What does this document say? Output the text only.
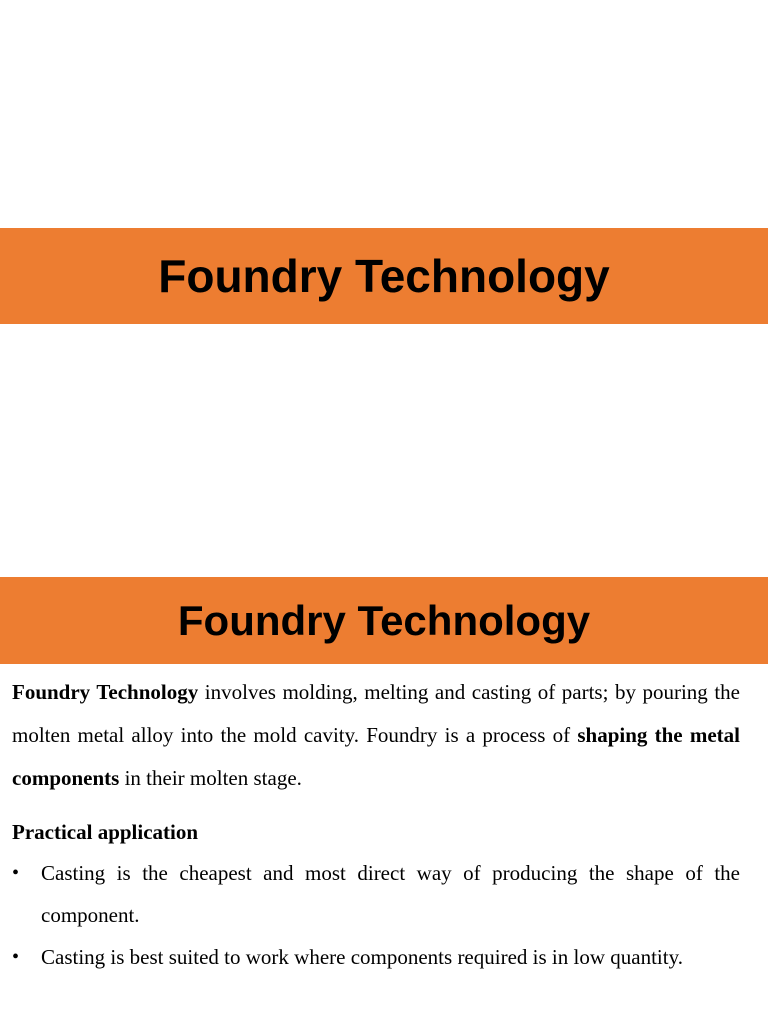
Foundry Technology
Foundry Technology

Foundry Technology involves molding, melting and casting of parts; by pouring the molten metal alloy into the mold cavity. Foundry is a process of shaping the metal components in their molten stage.

Practical application
• Casting is the cheapest and most direct way of producing the shape of the component.
• Casting is best suited to work where components required is in low quantity.
